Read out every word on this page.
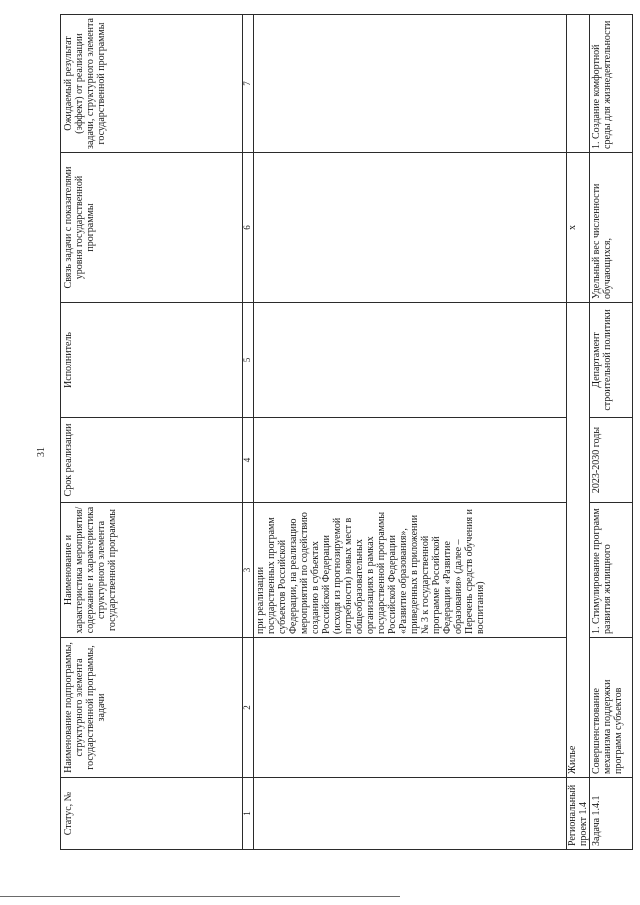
31
Статус, №	Наименование подпрограммы, структурного элемента государственной программы, задачи	Наименование и характеристика мероприятия/содержание и характеристика структурного элемента государственной программы	Срок реализации	Исполнитель	Связь задачи с показателями уровня государственной программы	Ожидаемый результат (эффект) от реализации задачи, структурного элемента государственной программы
1	2	3	4	5	6	7
		при реализации государственных программ субъектов Российской Федерации, на реализацию мероприятий по содействию созданию в субъектах Российской Федерации (исходя из прогнозируемой потребности) новых мест в общеобразовательных организациях в рамках государственной программы Российской Федерации «Развитие образования», приведенных в приложении № 3 к государственной программе Российской Федерации «Развитие образования» (далее – Перечень средств обучения и воспитания)				
Региональный проект 1.4	Жилье				х	
Задача 1.4.1	Совершенствование механизма поддержки программ субъектов	1. Стимулирование программ развития жилищного	2023-2030 годы	Департамент строительной политики	Удельный вес численности обучающихся,	1. Создание комфортной среды для жизнедеятельности
